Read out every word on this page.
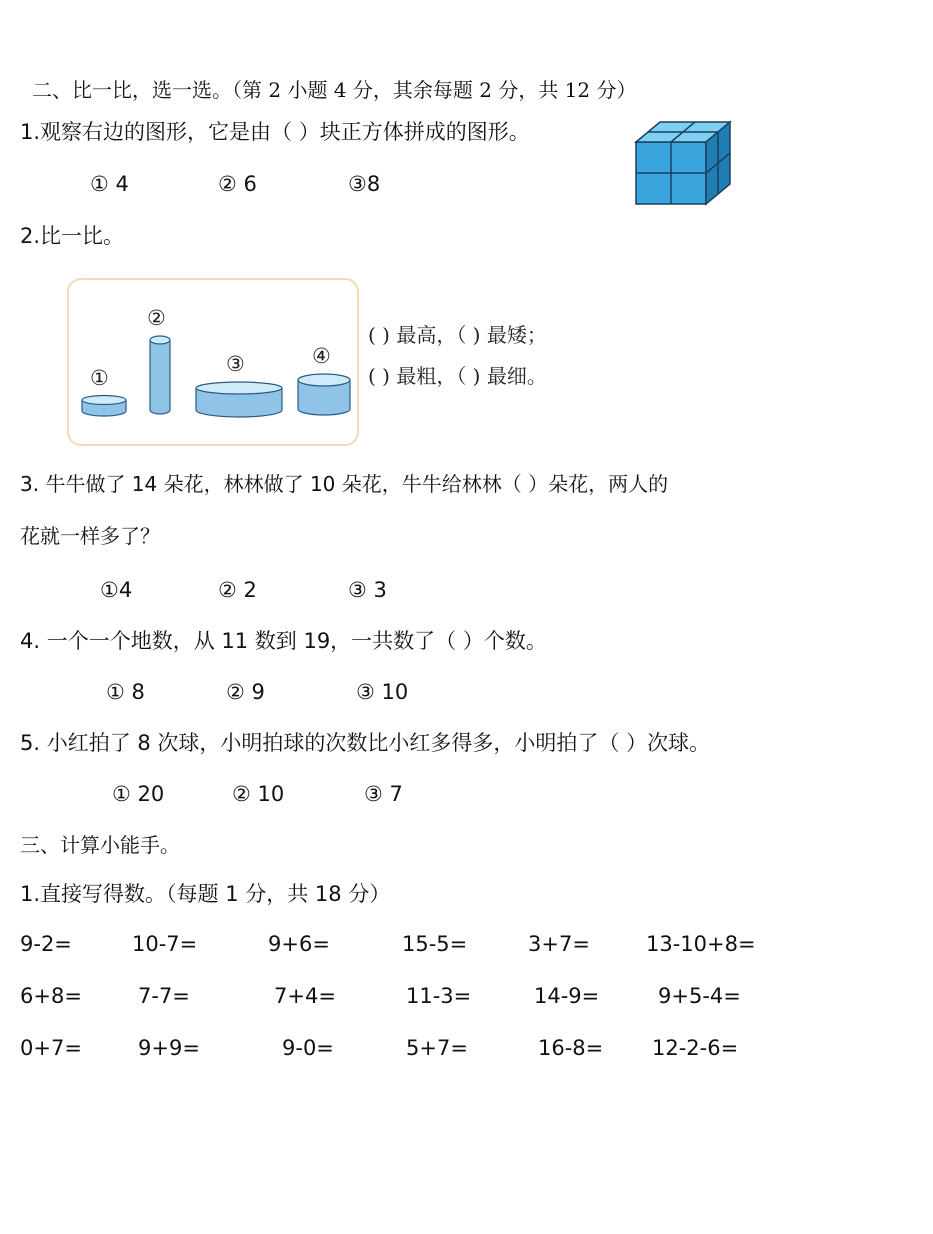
二、比一比，选一选。（第 2 小题 4 分，其余每题 2 分，共 12 分）
1.观察右边的图形，它是由（ ）块正方体拼成的图形。
① 4	② 6	③8
2.比一比。
①
②
③	④
( ) 最高，（ ) 最矮；
( ) 最粗，（ ) 最细。
3. 牛牛做了 14 朵花，林林做了 10 朵花，牛牛给林林（ ）朵花，两人的
花就一样多了？
①4	② 2	③ 3
4. 一个一个地数，从 11 数到 19，一共数了（ ）个数。
① 8	② 9	③ 10
5. 小红拍了 8 次球，小明拍球的次数比小红多得多，小明拍了（ ）次球。
① 20	② 10	③ 7
三、计算小能手。
1.直接写得数。（每题 1 分，共 18 分）
9-2=	10-7=	9+6=	15-5=	3+7=	13-10+8=
6+8=	7-7=	7+4=	11-3=	14-9=	9+5-4=
0+7=	9+9=	9-0=	5+7=	16-8= 12-2-6=
